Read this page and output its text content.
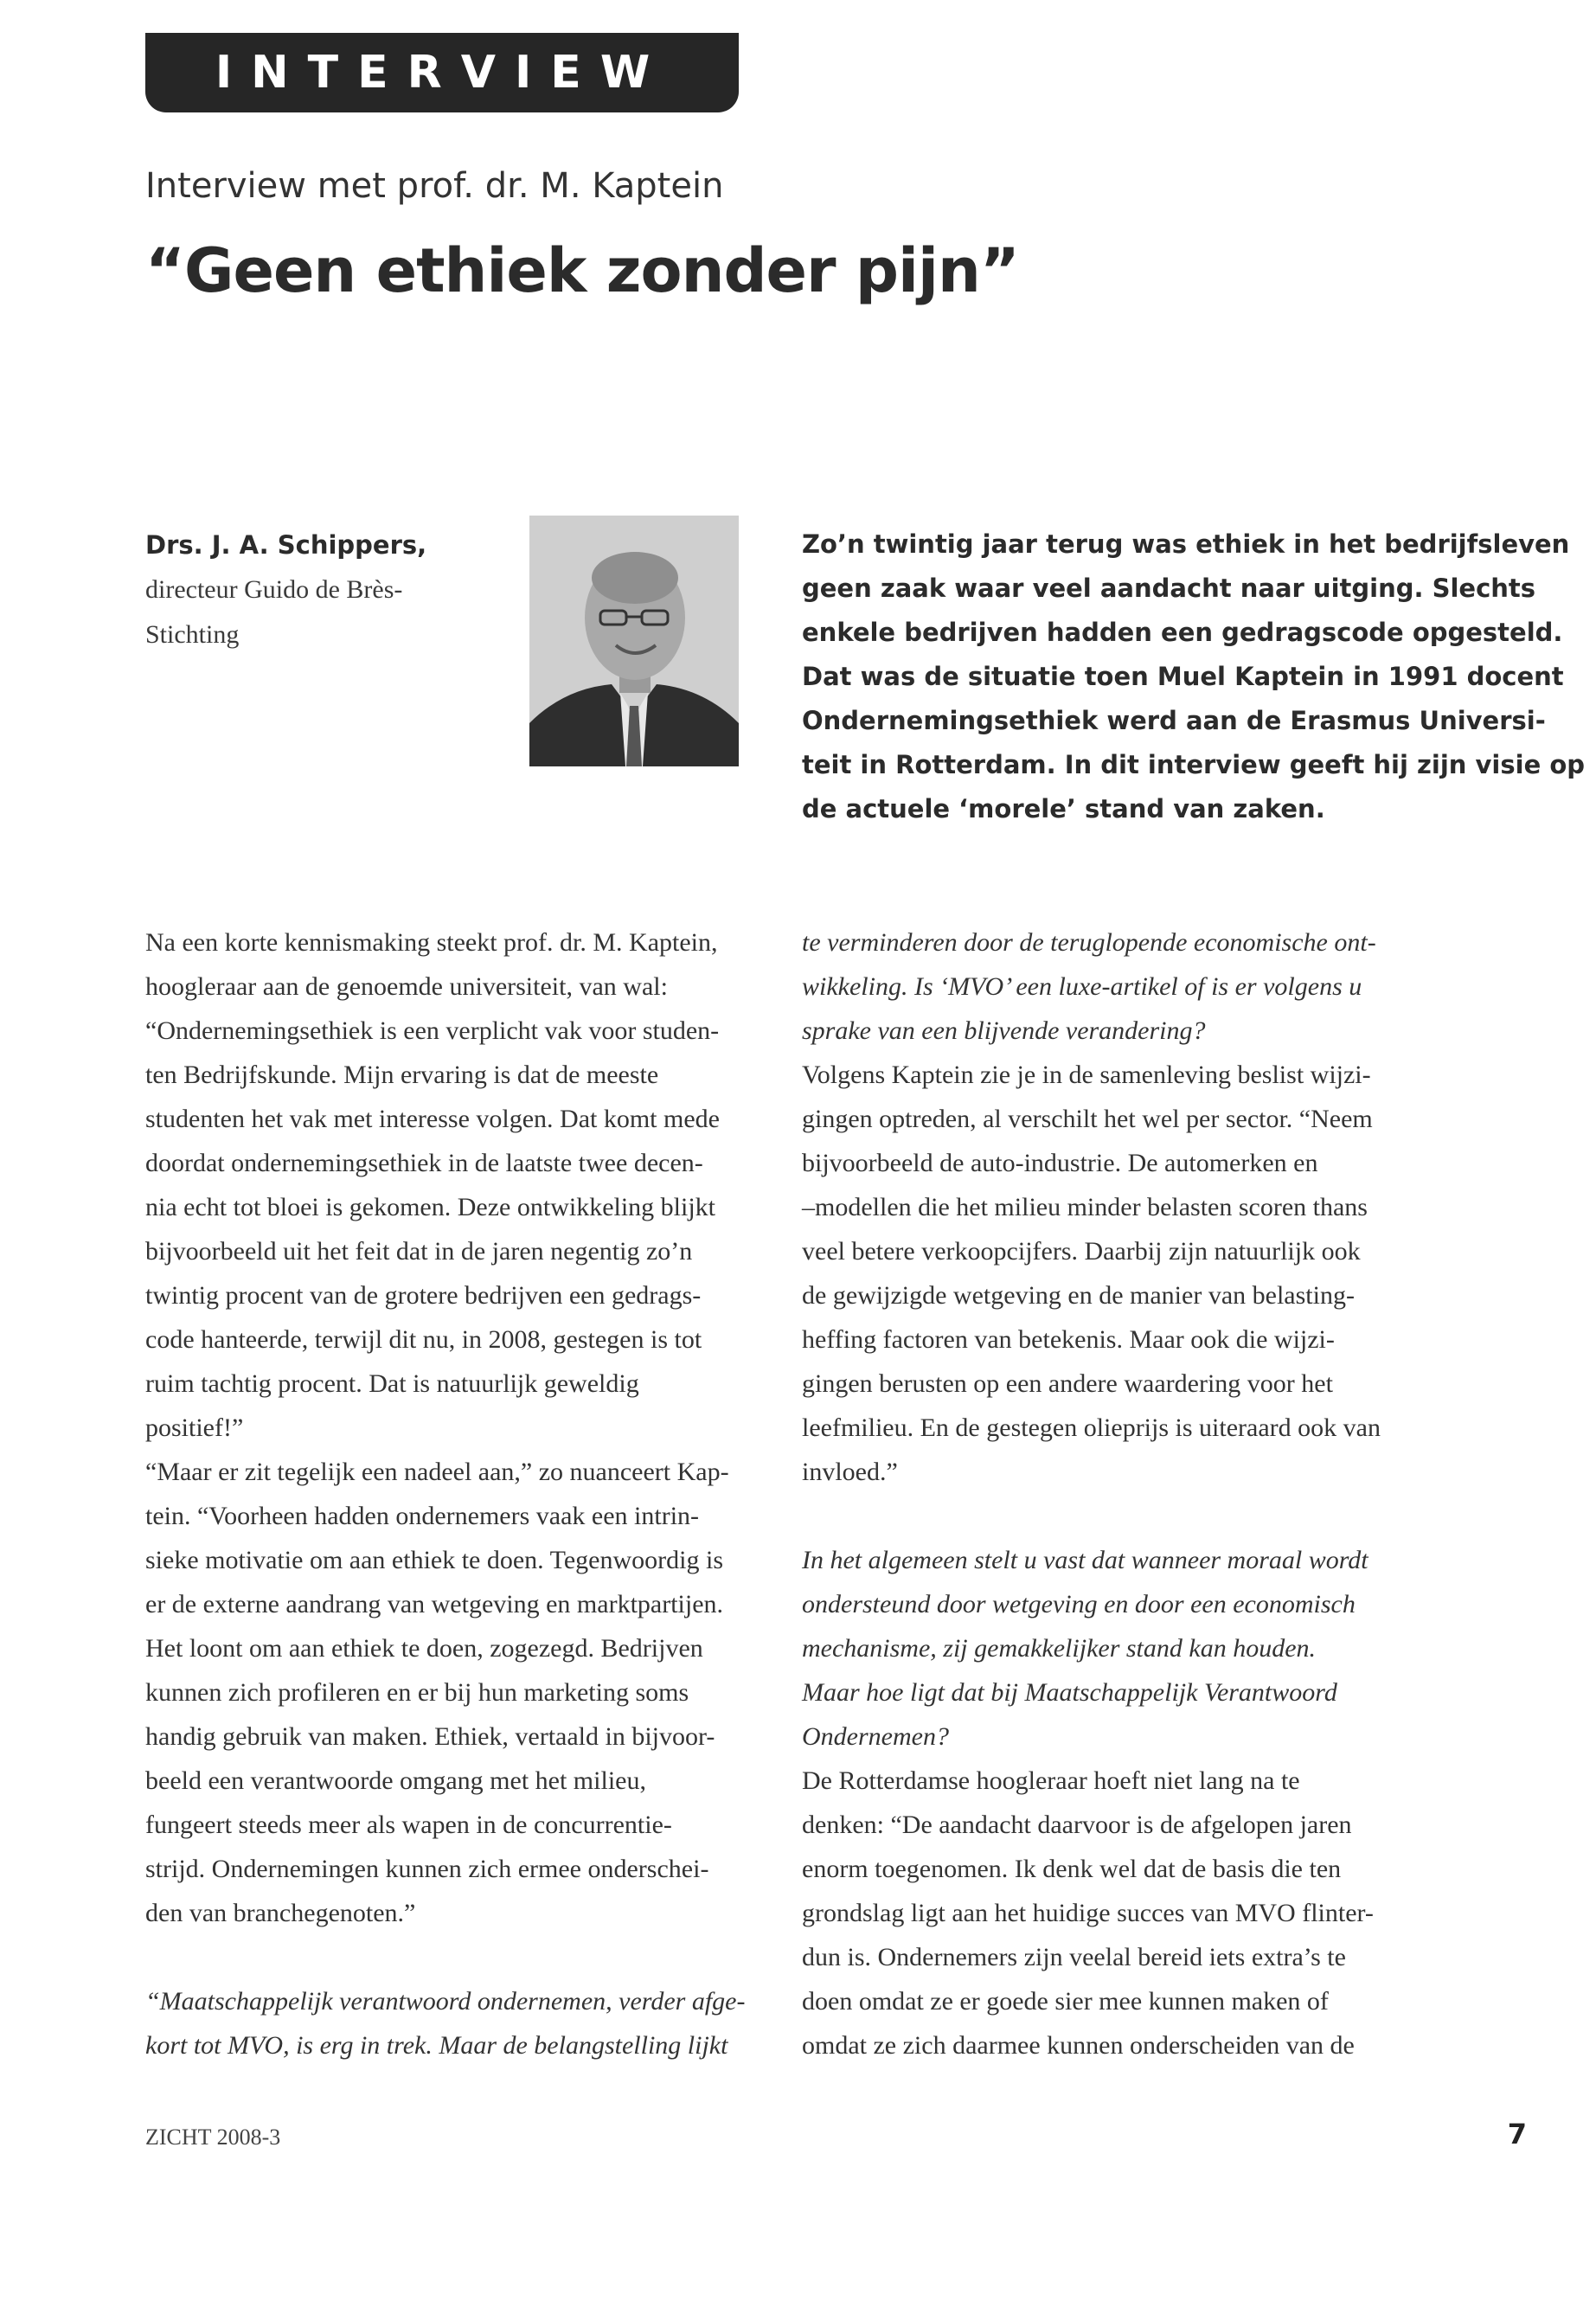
INTERVIEW
Interview met prof. dr. M. Kaptein
“Geen ethiek zonder pijn”
Drs. J. A. Schippers,
directeur Guido de Brès-
Stichting
Zo’n twintig jaar terug was ethiek in het bedrijfsleven
geen zaak waar veel aandacht naar uitging. Slechts
enkele bedrijven hadden een gedragscode opgesteld.
Dat was de situatie toen Muel Kaptein in 1991 docent
Ondernemingsethiek werd aan de Erasmus Universi-
teit in Rotterdam. In dit interview geeft hij zijn visie op
de actuele ‘morele’ stand van zaken.
Na een korte kennismaking steekt prof. dr. M. Kaptein,
hoogleraar aan de genoemde universiteit, van wal:
“Ondernemingsethiek is een verplicht vak voor studen-
ten Bedrijfskunde. Mijn ervaring is dat de meeste
studenten het vak met interesse volgen. Dat komt mede
doordat ondernemingsethiek in de laatste twee decen-
nia echt tot bloei is gekomen. Deze ontwikkeling blijkt
bijvoorbeeld uit het feit dat in de jaren negentig zo’n
twintig procent van de grotere bedrijven een gedrags-
code hanteerde, terwijl dit nu, in 2008, gestegen is tot
ruim tachtig procent. Dat is natuurlijk geweldig
positief!”
“Maar er zit tegelijk een nadeel aan,” zo nuanceert Kap-
tein. “Voorheen hadden ondernemers vaak een intrin-
sieke motivatie om aan ethiek te doen. Tegenwoordig is
er de externe aandrang van wetgeving en marktpartijen.
Het loont om aan ethiek te doen, zogezegd. Bedrijven
kunnen zich profileren en er bij hun marketing soms
handig gebruik van maken. Ethiek, vertaald in bijvoor-
beeld een verantwoorde omgang met het milieu,
fungeert steeds meer als wapen in de concurrentie-
strijd. Ondernemingen kunnen zich ermee onderschei-
den van branchegenoten.”
“Maatschappelijk verantwoord ondernemen, verder afge-
kort tot MVO, is erg in trek. Maar de belangstelling lijkt
te verminderen door de teruglopende economische ont-
wikkeling. Is ‘MVO’ een luxe-artikel of is er volgens u
sprake van een blijvende verandering?
Volgens Kaptein zie je in de samenleving beslist wijzi-
gingen optreden, al verschilt het wel per sector. “Neem
bijvoorbeeld de auto-industrie. De automerken en
–modellen die het milieu minder belasten scoren thans
veel betere verkoopcijfers. Daarbij zijn natuurlijk ook
de gewijzigde wetgeving en de manier van belasting-
heffing factoren van betekenis. Maar ook die wijzi-
gingen berusten op een andere waardering voor het
leefmilieu. En de gestegen olieprijs is uiteraard ook van
invloed.”
In het algemeen stelt u vast dat wanneer moraal wordt
ondersteund door wetgeving en door een economisch
mechanisme, zij gemakkelijker stand kan houden.
Maar hoe ligt dat bij Maatschappelijk Verantwoord
Ondernemen?
De Rotterdamse hoogleraar hoeft niet lang na te
denken: “De aandacht daarvoor is de afgelopen jaren
enorm toegenomen. Ik denk wel dat de basis die ten
grondslag ligt aan het huidige succes van MVO flinter-
dun is. Ondernemers zijn veelal bereid iets extra’s te
doen omdat ze er goede sier mee kunnen maken of
omdat ze zich daarmee kunnen onderscheiden van de
ZICHT 2008-3	7
